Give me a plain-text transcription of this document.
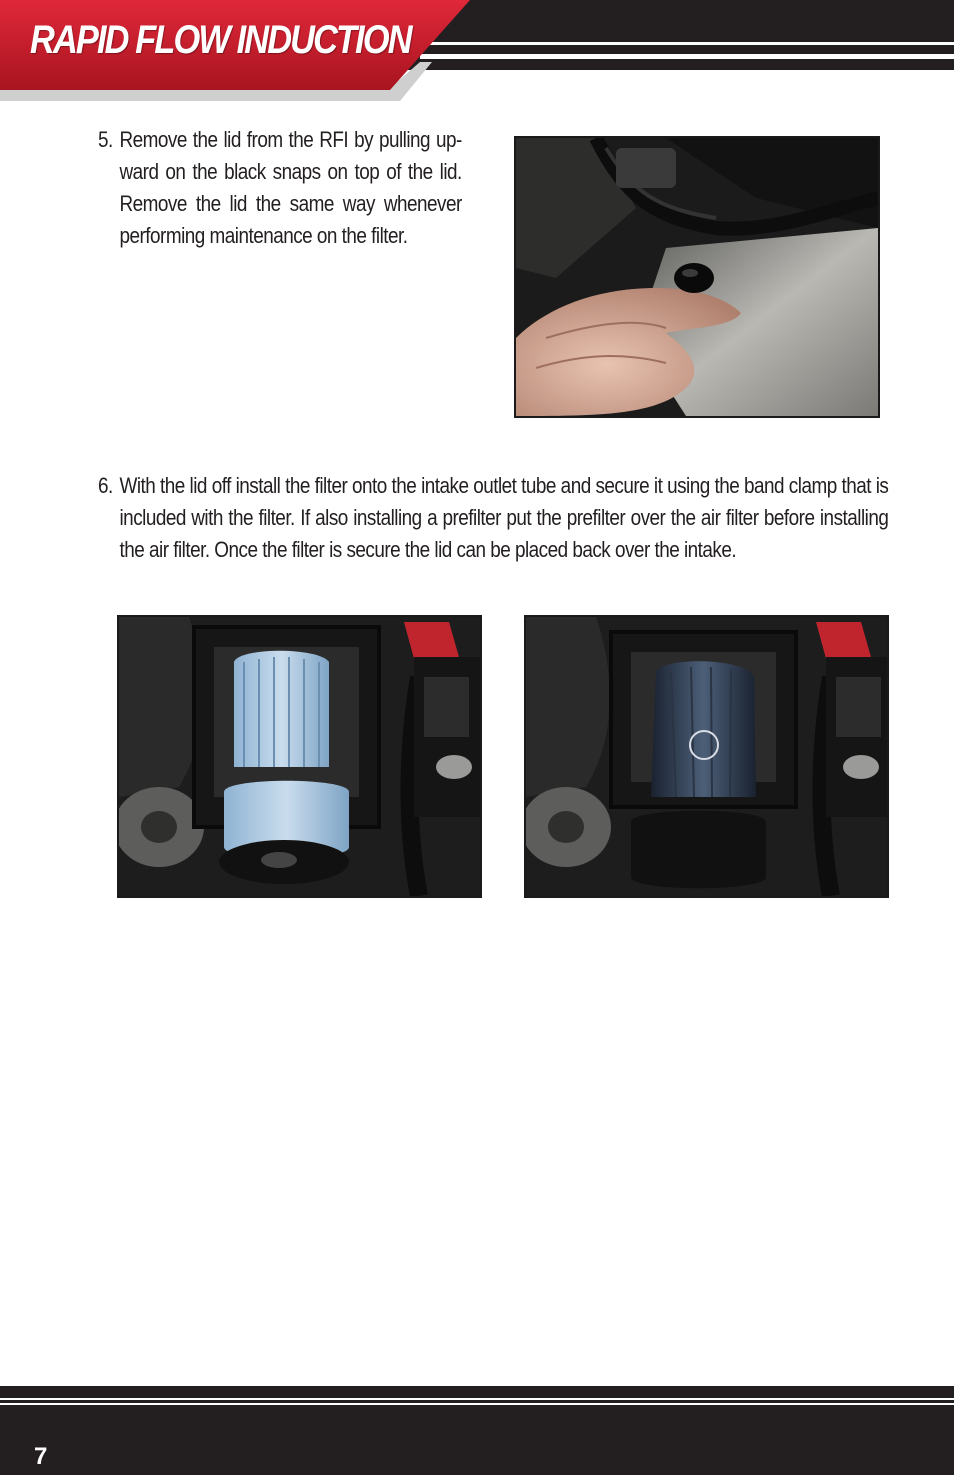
RAPID FLOW INDUCTION
5. Remove the lid from the RFI by pulling up-ward on the black snaps on top of the lid. Remove the lid the same way whenever performing maintenance on the filter.
6. With the lid off install the filter onto the intake outlet tube and secure it using the band clamp that is included with the filter. If also installing a prefilter put the prefilter over the air filter before installing the air filter. Once the filter is secure the lid can be placed back over the intake.
7
